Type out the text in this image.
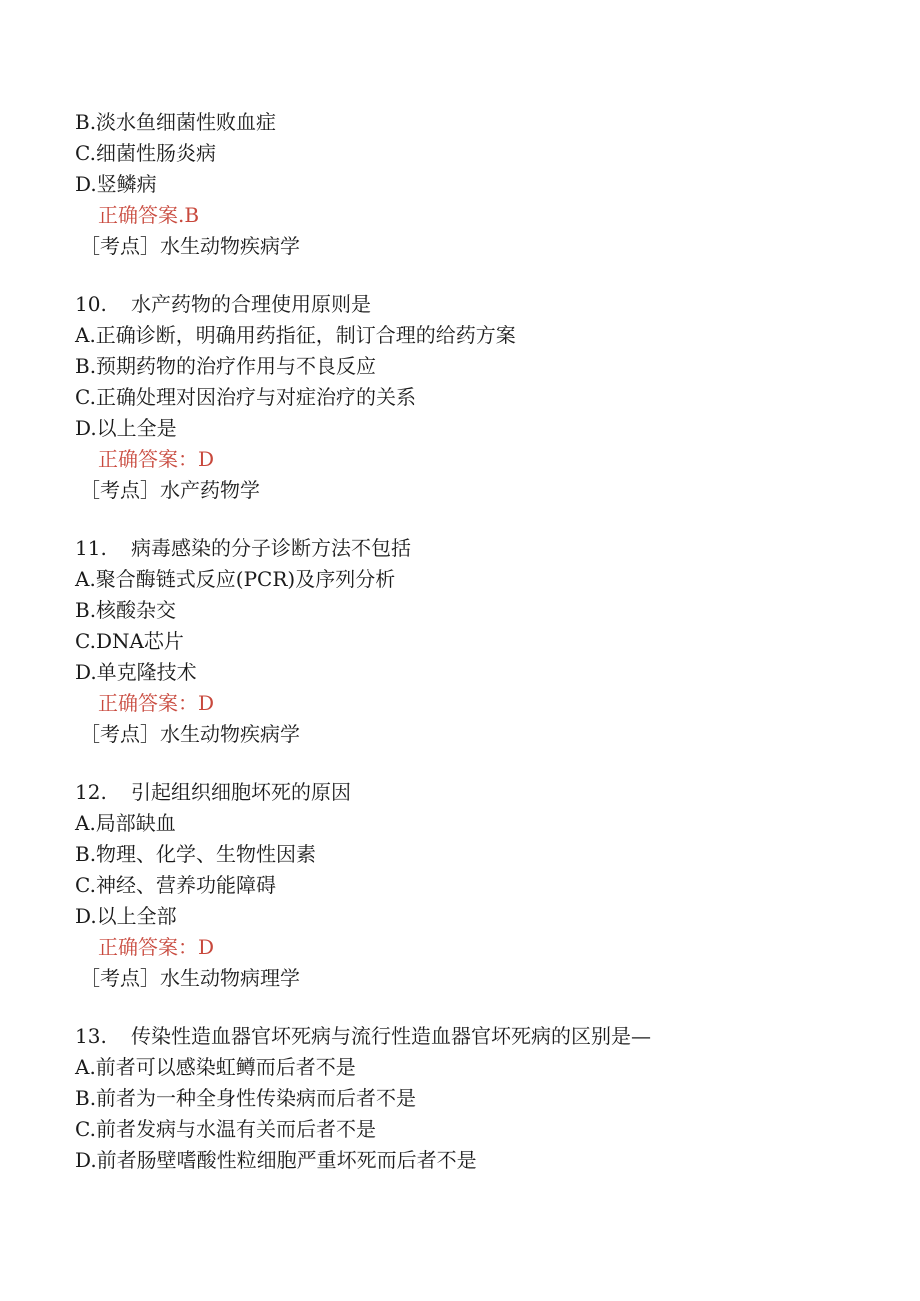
B.淡水鱼细菌性败血症
C.细菌性肠炎病
D.竖鳞病
正确答案.B
［考点］水生动物疾病学
10. 水产药物的合理使用原则是
A.正确诊断，明确用药指征，制订合理的给药方案
B.预期药物的治疗作用与不良反应
C.正确处理对因治疗与对症治疗的关系
D.以上全是
正确答案：D
［考点］水产药物学
11. 病毒感染的分子诊断方法不包括
A.聚合酶链式反应(PCR)及序列分析
B.核酸杂交
C.DNA芯片
D.单克隆技术
正确答案：D
［考点］水生动物疾病学
12. 引起组织细胞坏死的原因
A.局部缺血
B.物理、化学、生物性因素
C.神经、营养功能障碍
D.以上全部
正确答案：D
［考点］水生动物病理学
13. 传染性造血器官坏死病与流行性造血器官坏死病的区别是—
A.前者可以感染虹鳟而后者不是
B.前者为一种全身性传染病而后者不是
C.前者发病与水温有关而后者不是
D.前者肠壁嗜酸性粒细胞严重坏死而后者不是
